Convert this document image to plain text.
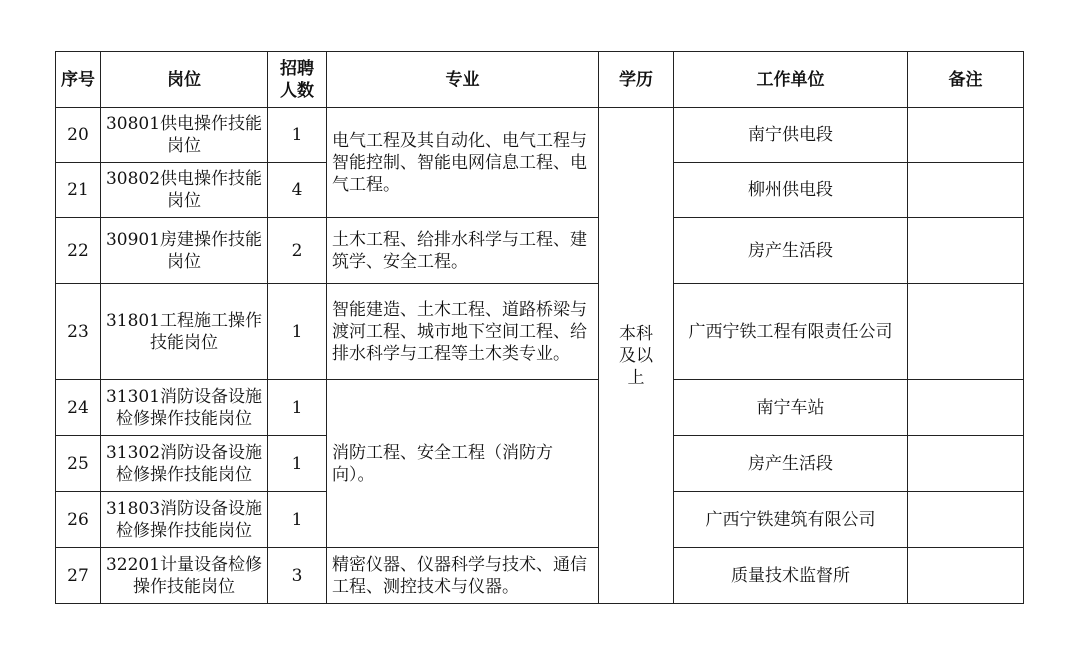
序号	岗位	招聘人数	专业	学历	工作单位	备注
20	30801供电操作技能岗位	1	电气工程及其自动化、电气工程与智能控制、智能电网信息工程、电气工程。	本科及以上	南宁供电段	
21	30802供电操作技能岗位	4			柳州供电段	
22	30901房建操作技能岗位	2	土木工程、给排水科学与工程、建筑学、安全工程。		房产生活段	
23	31801工程施工操作技能岗位	1	智能建造、土木工程、道路桥梁与渡河工程、城市地下空间工程、给排水科学与工程等土木类专业。		广西宁铁工程有限责任公司	
24	31301消防设备设施检修操作技能岗位	1	消防工程、安全工程（消防方向）。		南宁车站	
25	31302消防设备设施检修操作技能岗位	1			房产生活段	
26	31803消防设备设施检修操作技能岗位	1			广西宁铁建筑有限公司	
27	32201计量设备检修操作技能岗位	3	精密仪器、仪器科学与技术、通信工程、测控技术与仪器。		质量技术监督所	
